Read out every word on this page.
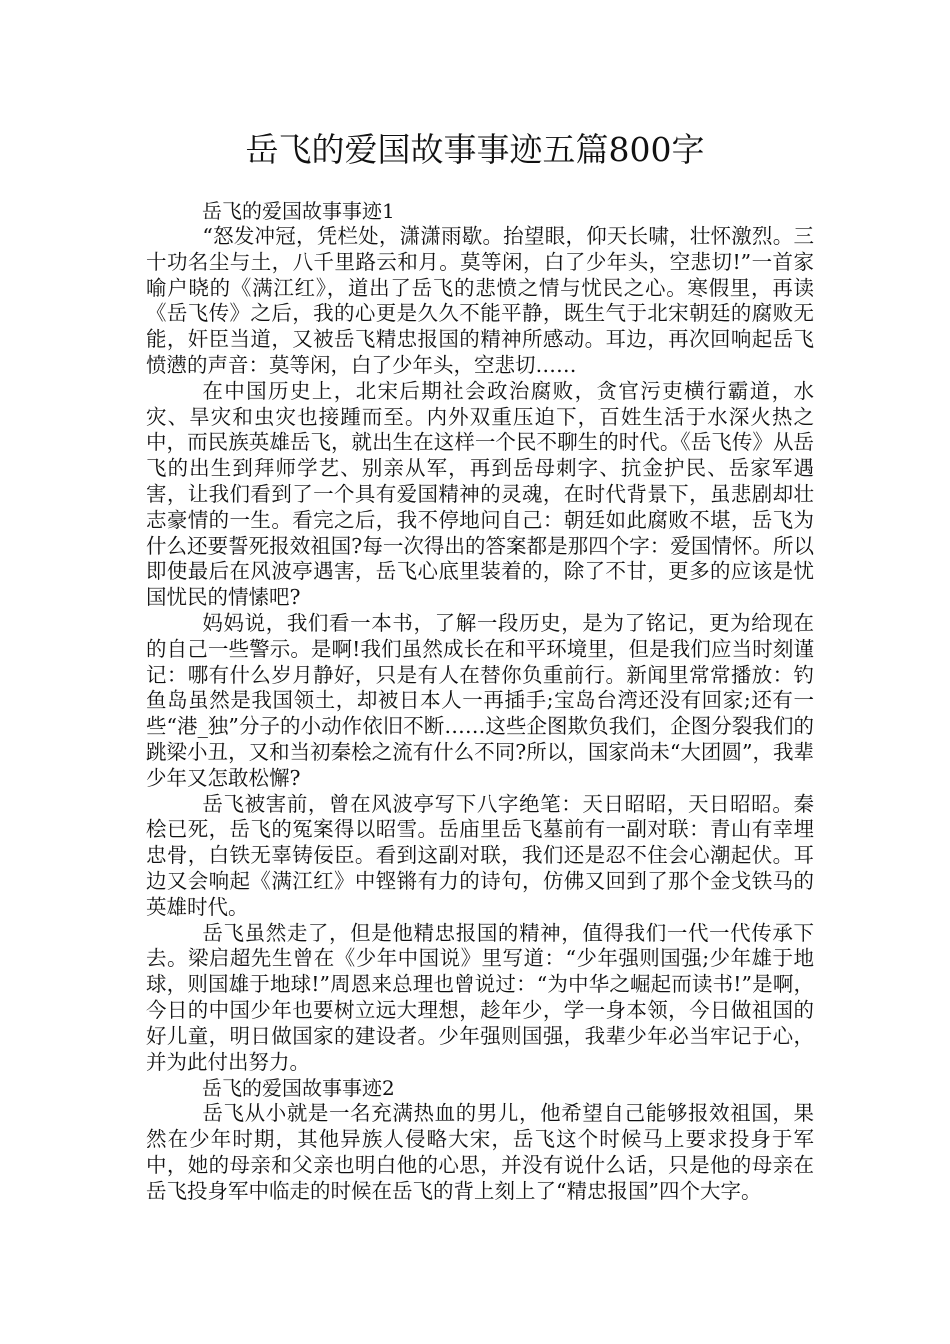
岳飞的爱国故事事迹五篇800字

岳飞的爱国故事事迹1

“怒发冲冠，凭栏处，潇潇雨歇。抬望眼，仰天长啸，壮怀激烈。三十功名尘与土，八千里路云和月。莫等闲，白了少年头，空悲切!”一首家喻户晓的《满江红》，道出了岳飞的悲愤之情与忧民之心。寒假里，再读《岳飞传》之后，我的心更是久久不能平静，既生气于北宋朝廷的腐败无能，奸臣当道，又被岳飞精忠报国的精神所感动。耳边，再次回响起岳飞愤懑的声音：莫等闲，白了少年头，空悲切……

在中国历史上，北宋后期社会政治腐败，贪官污吏横行霸道，水灾、旱灾和虫灾也接踵而至。内外双重压迫下，百姓生活于水深火热之中，而民族英雄岳飞，就出生在这样一个民不聊生的时代。《岳飞传》从岳飞的出生到拜师学艺、别亲从军，再到岳母刺字、抗金护民、岳家军遇害，让我们看到了一个具有爱国精神的灵魂，在时代背景下，虽悲剧却壮志豪情的一生。看完之后，我不停地问自己：朝廷如此腐败不堪，岳飞为什么还要誓死报效祖国?每一次得出的答案都是那四个字：爱国情怀。所以即使最后在风波亭遇害，岳飞心底里装着的，除了不甘，更多的应该是忧国忧民的情愫吧?

妈妈说，我们看一本书，了解一段历史，是为了铭记，更为给现在的自己一些警示。是啊!我们虽然成长在和平环境里，但是我们应当时刻谨记：哪有什么岁月静好，只是有人在替你负重前行。新闻里常常播放：钓鱼岛虽然是我国领土，却被日本人一再插手;宝岛台湾还没有回家;还有一些“港_独”分子的小动作依旧不断……这些企图欺负我们，企图分裂我们的跳梁小丑，又和当初秦桧之流有什么不同?所以，国家尚未“大团圆”，我辈少年又怎敢松懈?

岳飞被害前，曾在风波亭写下八字绝笔：天日昭昭，天日昭昭。秦桧已死，岳飞的冤案得以昭雪。岳庙里岳飞墓前有一副对联：青山有幸埋忠骨，白铁无辜铸佞臣。看到这副对联，我们还是忍不住会心潮起伏。耳边又会响起《满江红》中铿锵有力的诗句，仿佛又回到了那个金戈铁马的英雄时代。

岳飞虽然走了，但是他精忠报国的精神，值得我们一代一代传承下去。梁启超先生曾在《少年中国说》里写道：“少年强则国强;少年雄于地球，则国雄于地球!”周恩来总理也曾说过：“为中华之崛起而读书!”是啊，今日的中国少年也要树立远大理想，趁年少，学一身本领，今日做祖国的好儿童，明日做国家的建设者。少年强则国强，我辈少年必当牢记于心，并为此付出努力。

岳飞的爱国故事事迹2

岳飞从小就是一名充满热血的男儿，他希望自己能够报效祖国，果然在少年时期，其他异族人侵略大宋，岳飞这个时候马上要求投身于军中，她的母亲和父亲也明白他的心思，并没有说什么话，只是他的母亲在岳飞投身军中临走的时候在岳飞的背上刻上了“精忠报国”四个大字。
